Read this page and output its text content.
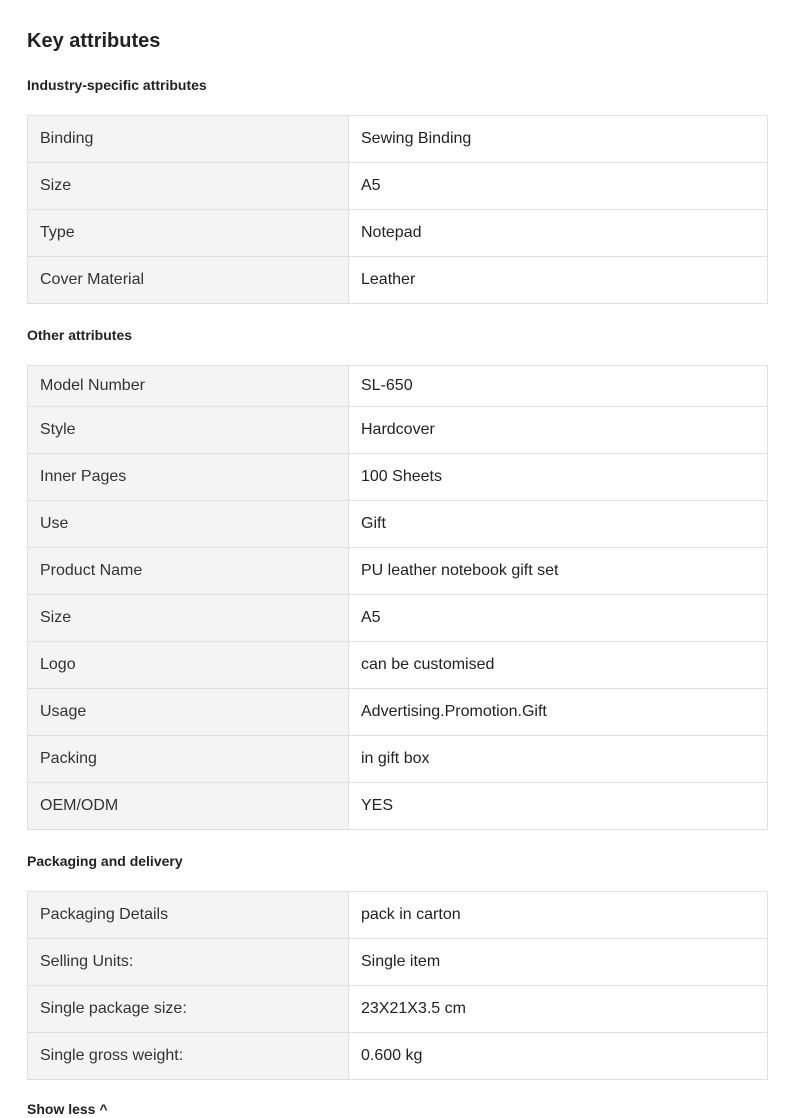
Key attributes
Industry-specific attributes
Binding	Sewing Binding
Size	A5
Type	Notepad
Cover Material	Leather
Other attributes
Model Number	SL-650
Style	Hardcover
Inner Pages	100 Sheets
Use	Gift
Product Name	PU leather notebook gift set
Size	A5
Logo	can be customised
Usage	Advertising.Promotion.Gift
Packing	in gift box
OEM/ODM	YES
Packaging and delivery
Packaging Details	pack in carton
Selling Units:	Single item
Single package size:	23X21X3.5 cm
Single gross weight:	0.600 kg
Show less ^
